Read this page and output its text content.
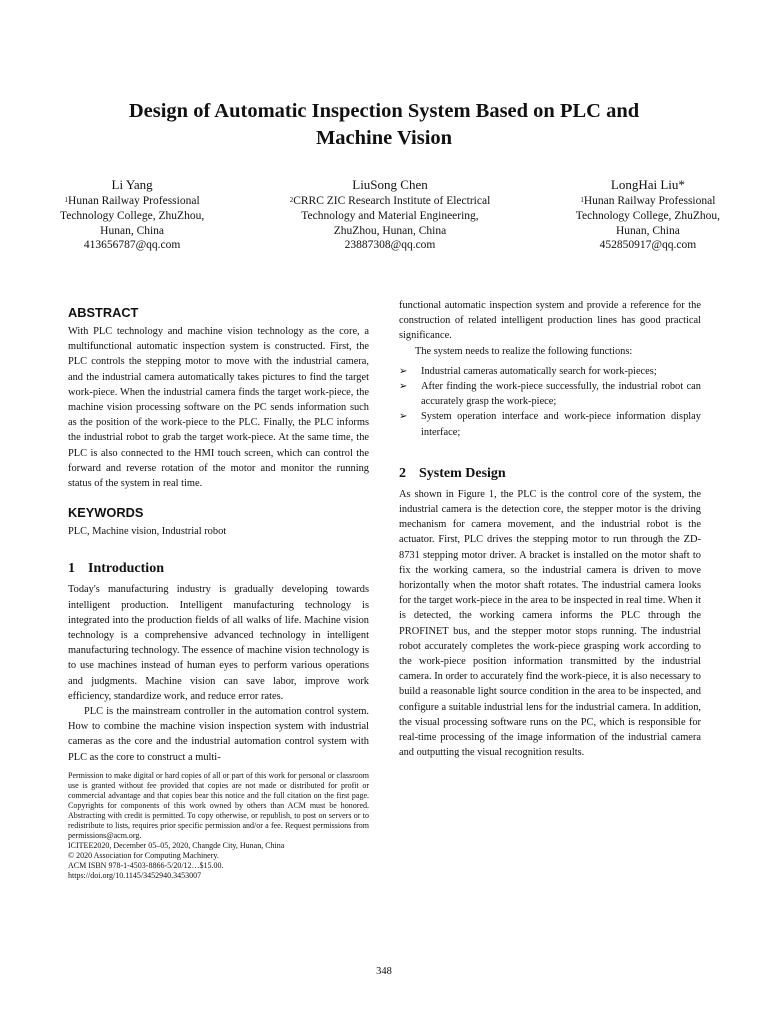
Design of Automatic Inspection System Based on PLC and
Machine Vision
Li Yang
$^1$Hunan Railway Professional
Technology College, ZhuZhou,
Hunan, China
413656787@qq.com
LiuSong Chen
$^2$CRRC ZIC Research Institute of Electrical
Technology and Material Engineering,
ZhuZhou, Hunan, China
23887308@qq.com
LongHai Liu*
$^1$Hunan Railway Professional
Technology College, ZhuZhou,
Hunan, China
452850917@qq.com
ABSTRACT

With PLC technology and machine vision technology as the core, a multifunctional automatic inspection system is constructed. First, the PLC controls the stepping motor to move with the industrial camera, and the industrial camera automatically takes pictures to find the target work-piece. When the industrial camera finds the target work-piece, the machine vision processing software on the PC sends information such as the position of the work-piece to the PLC. Finally, the PLC informs the industrial robot to grab the target work-piece. At the same time, the PLC is also connected to the HMI touch screen, which can control the forward and reverse rotation of the motor and monitor the running status of the system in real time.

KEYWORDS

PLC, Machine vision, Industrial robot

1 Introduction

Today's manufacturing industry is gradually developing towards intelligent production. Intelligent manufacturing technology is integrated into the production fields of all walks of life. Machine vision technology is a comprehensive advanced technology in intelligent manufacturing technology. The essence of machine vision technology is to use machines instead of human eyes to perform various operations and judgments. Machine vision can save labor, improve work efficiency, standardize work, and reduce error rates.

PLC is the mainstream controller in the automation control system. How to combine the machine vision inspection system with industrial cameras as the core and the industrial automation control system with PLC as the core to construct a multi-

Permission to make digital or hard copies of all or part of this work for personal or classroom use is granted without fee provided that copies are not made or distributed for profit or commercial advantage and that copies bear this notice and the full citation on the first page. Copyrights for components of this work owned by others than ACM must be honored. Abstracting with credit is permitted. To copy otherwise, or republish, to post on servers or to redistribute to lists, requires prior specific permission and/or a fee. Request permissions from permissions@acm.org.
ICITEE2020, December 05–05, 2020, Changde City, Hunan, China
© 2020 Association for Computing Machinery.
ACM ISBN 978-1-4503-8866-5/20/12…$15.00.
https://doi.org/10.1145/3452940.3453007

functional automatic inspection system and provide a reference for the construction of related intelligent production lines has good practical significance.

The system needs to realize the following functions:

➢ Industrial cameras automatically search for work-pieces;
➢ After finding the work-piece successfully, the industrial robot can accurately grasp the work-piece;
➢ System operation interface and work-piece information display interface;
2 System Design

As shown in Figure 1, the PLC is the control core of the system, the industrial camera is the detection core, the stepper motor is the driving mechanism for camera movement, and the industrial robot is the actuator. First, PLC drives the stepping motor to run through the ZD-8731 stepping motor driver. A bracket is installed on the motor shaft to fix the working camera, so the industrial camera is driven to move horizontally when the motor shaft rotates. The industrial camera looks for the target work-piece in the area to be inspected in real time. When it is detected, the working camera informs the PLC through the PROFINET bus, and the stepper motor stops running. The industrial robot accurately completes the work-piece grasping work according to the work-piece position information transmitted by the industrial camera. In order to accurately find the work-piece, it is also necessary to build a reasonable light source condition in the area to be inspected, and configure a suitable industrial lens for the industrial camera. In addition, the visual processing software runs on the PC, which is responsible for real-time processing of the image information of the industrial camera and outputting the visual recognition results.

348
